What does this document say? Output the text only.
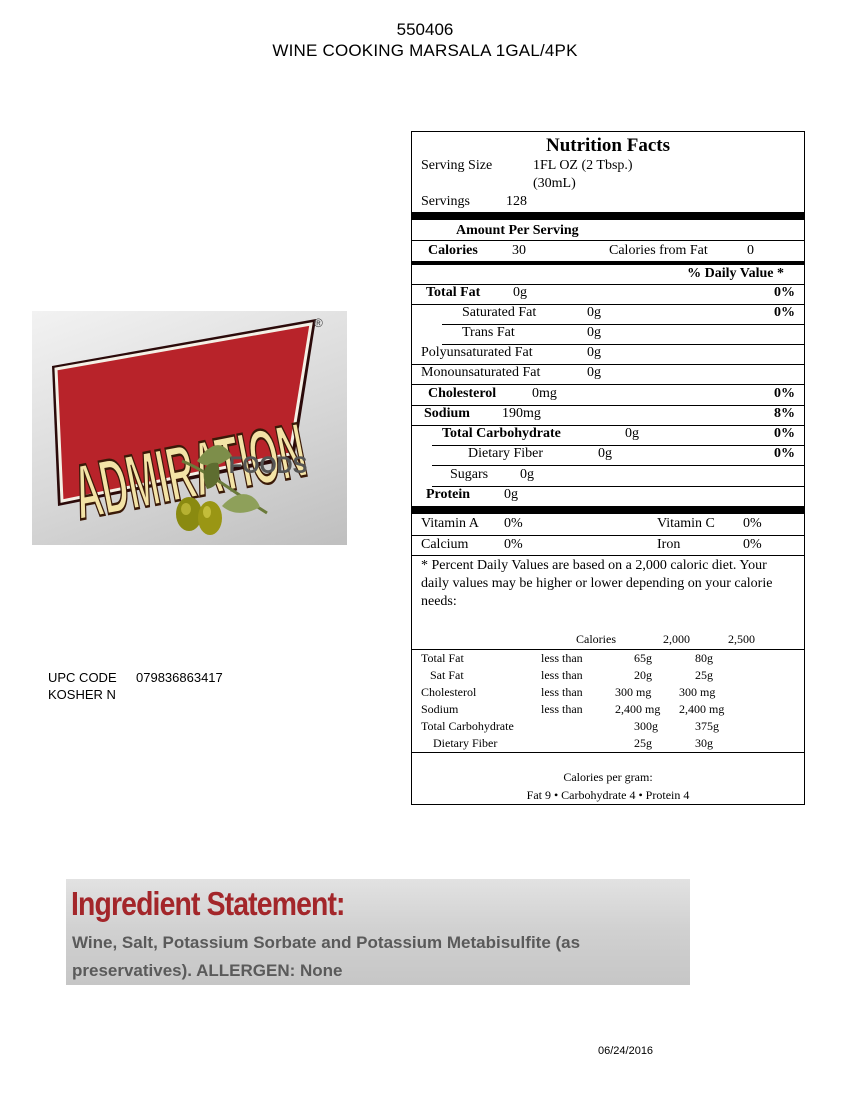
550406
WINE COOKING MARSALA 1GAL/4PK
®
FOODS
UPC CODE 079836863417
KOSHER N
Nutrition Facts
Serving Size	1FL OZ (2 Tbsp.)
(30mL)
Servings	128
Amount Per Serving
Calories 30	Calories from Fat	0
% Daily Value *
Total Fat 0g	0%
Saturated Fat	0g	0%
Trans Fat	0g
Polyunsaturated Fat	0g
Monounsaturated Fat	0g
Cholesterol	0mg	0%
Sodium 190mg	8%
Total Carbohydrate	0g	0%
Dietary Fiber	0g	0%
Sugars 0g
Protein 0g
Vitamin A 0%	Vitamin C 0%
Calcium	0%	Iron	0%
* Percent Daily Values are based on a 2,000 caloric diet. Your daily values may be higher or lower depending on your calorie needs:
Calories	2,000	2,500
Total Fat	less than	65g	80g
Sat Fat	less than	20g	25g
Cholesterol	less than	300 mg 300 mg
Sodium	less than	2,400 mg 2,400 mg
Total Carbohydrate	300g	375g
Dietary Fiber	25g	30g
Calories per gram:
Fat 9 • Carbohydrate 4 • Protein 4
Ingredient Statement:
Wine, Salt, Potassium Sorbate and Potassium Metabisulfite (as preservatives). ALLERGEN: None
06/24/2016
